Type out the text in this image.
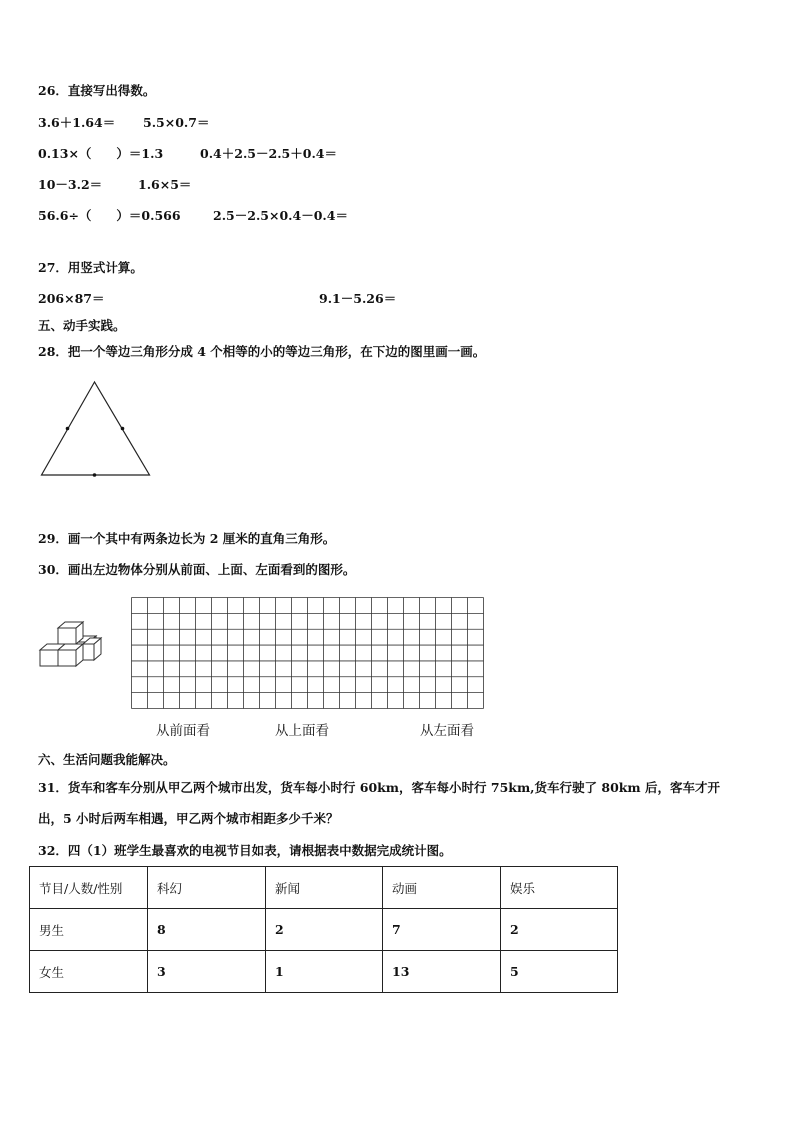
26．直接写出得数。
3.6＋1.64＝ 5.5×0.7＝
0.13×（　　）＝1.3	0.4＋2.5－2.5＋0.4＝
10－3.2＝	1.6×5＝
56.6÷（　　）＝0.566	2.5－2.5×0.4－0.4＝
27．用竖式计算。
206×87＝	9.1－5.26＝
五、动手实践。
28．把一个等边三角形分成 4 个相等的小的等边三角形，在下边的图里画一画。
29．画一个其中有两条边长为 2 厘米的直角三角形。
30．画出左边物体分别从前面、上面、左面看到的图形。
从前面看	从上面看	从左面看
六、生活问题我能解决。
31．货车和客车分别从甲乙两个城市出发，货车每小时行 60km，客车每小时行 75km,货车行驶了 80km 后，客车才开
出，5 小时后两车相遇，甲乙两个城市相距多少千米？
32．四（1）班学生最喜欢的电视节目如表，请根据表中数据完成统计图。
节目/人数/性别	科幻	新闻	动画	娱乐
男生	8	2	7	2
女生	3	1	13	5
